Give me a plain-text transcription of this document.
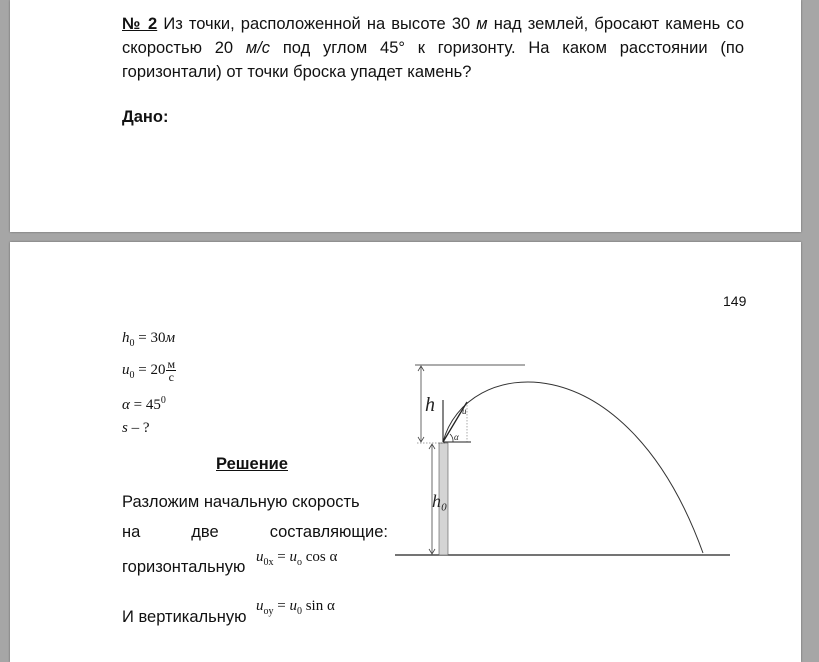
№ 2 Из точки, расположенной на высоте 30 м над землей, бросают камень со скоростью 20 м/с под углом 45° к горизонту. На каком расстоянии (по горизонтали) от точки броска упадет камень?
Дано:
149
$h_0 = 30м$
$u_0 = 20 \frac{м}{с}$
$\alpha = 45^0$
s – ?
Решение
Разложим начальную скорость
на	две	составляющие:
горизонтальную
$u_{0x} = u_o$ cos α
И вертикальную
$u_{oy} = u_0$ sin α
h
h₀
u
α
